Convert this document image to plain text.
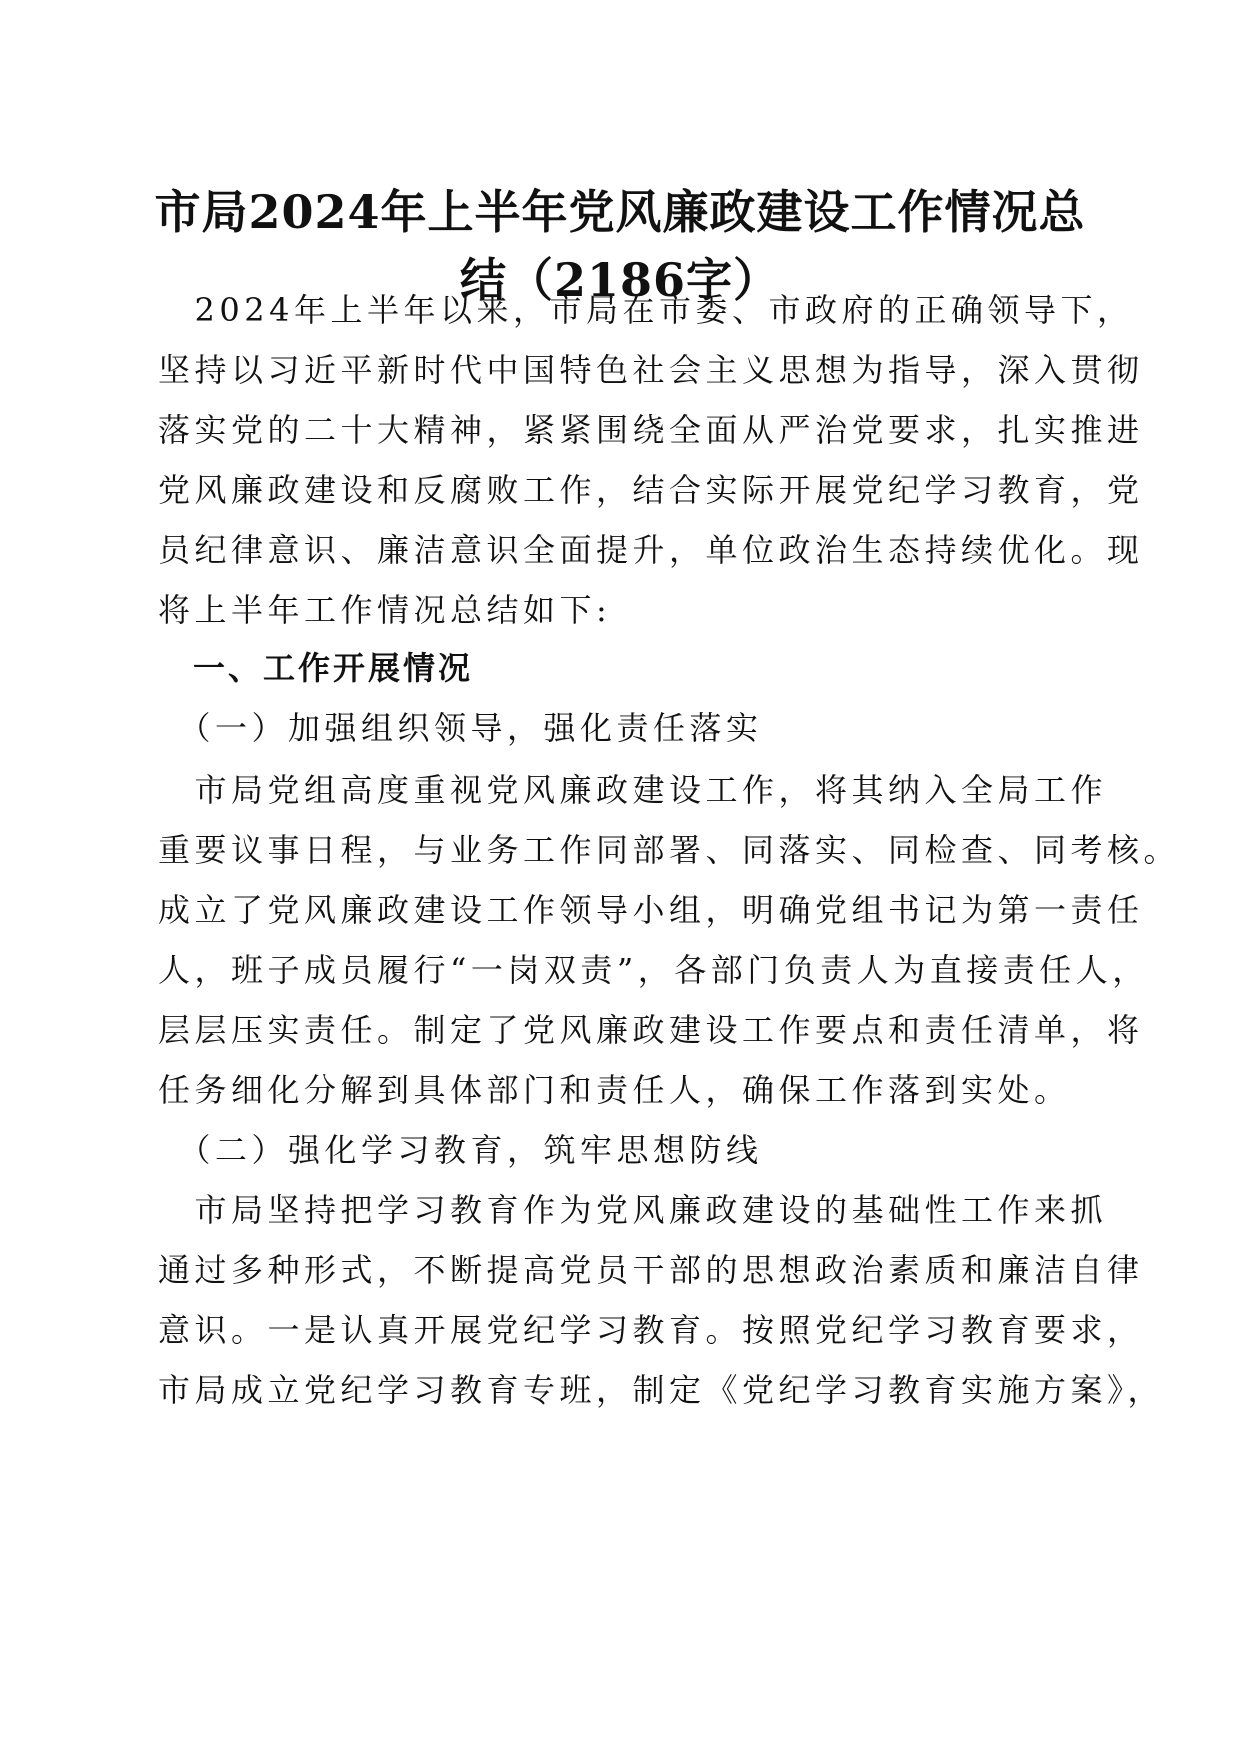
市局2024年上半年党风廉政建设工作情况总
结（2186字）
　2024年上半年以来，市局在市委、市政府的正确领导下，
坚持以习近平新时代中国特色社会主义思想为指导，深入贯彻
落实党的二十大精神，紧紧围绕全面从严治党要求，扎实推进
党风廉政建设和反腐败工作，结合实际开展党纪学习教育，党
员纪律意识、廉洁意识全面提升，单位政治生态持续优化。现
将上半年工作情况总结如下:
　一、工作开展情况
　（一）加强组织领导，强化责任落实
　市局党组高度重视党风廉政建设工作，将其纳入全局工作
重要议事日程，与业务工作同部署、同落实、同检查、同考核。
成立了党风廉政建设工作领导小组，明确党组书记为第一责任
人，班子成员履行“一岗双责”，各部门负责人为直接责任人，
层层压实责任。制定了党风廉政建设工作要点和责任清单，将
任务细化分解到具体部门和责任人，确保工作落到实处。
　（二）强化学习教育，筑牢思想防线
　市局坚持把学习教育作为党风廉政建设的基础性工作来抓
通过多种形式，不断提高党员干部的思想政治素质和廉洁自律
意识。一是认真开展党纪学习教育。按照党纪学习教育要求，
市局成立党纪学习教育专班，制定《党纪学习教育实施方案》，
